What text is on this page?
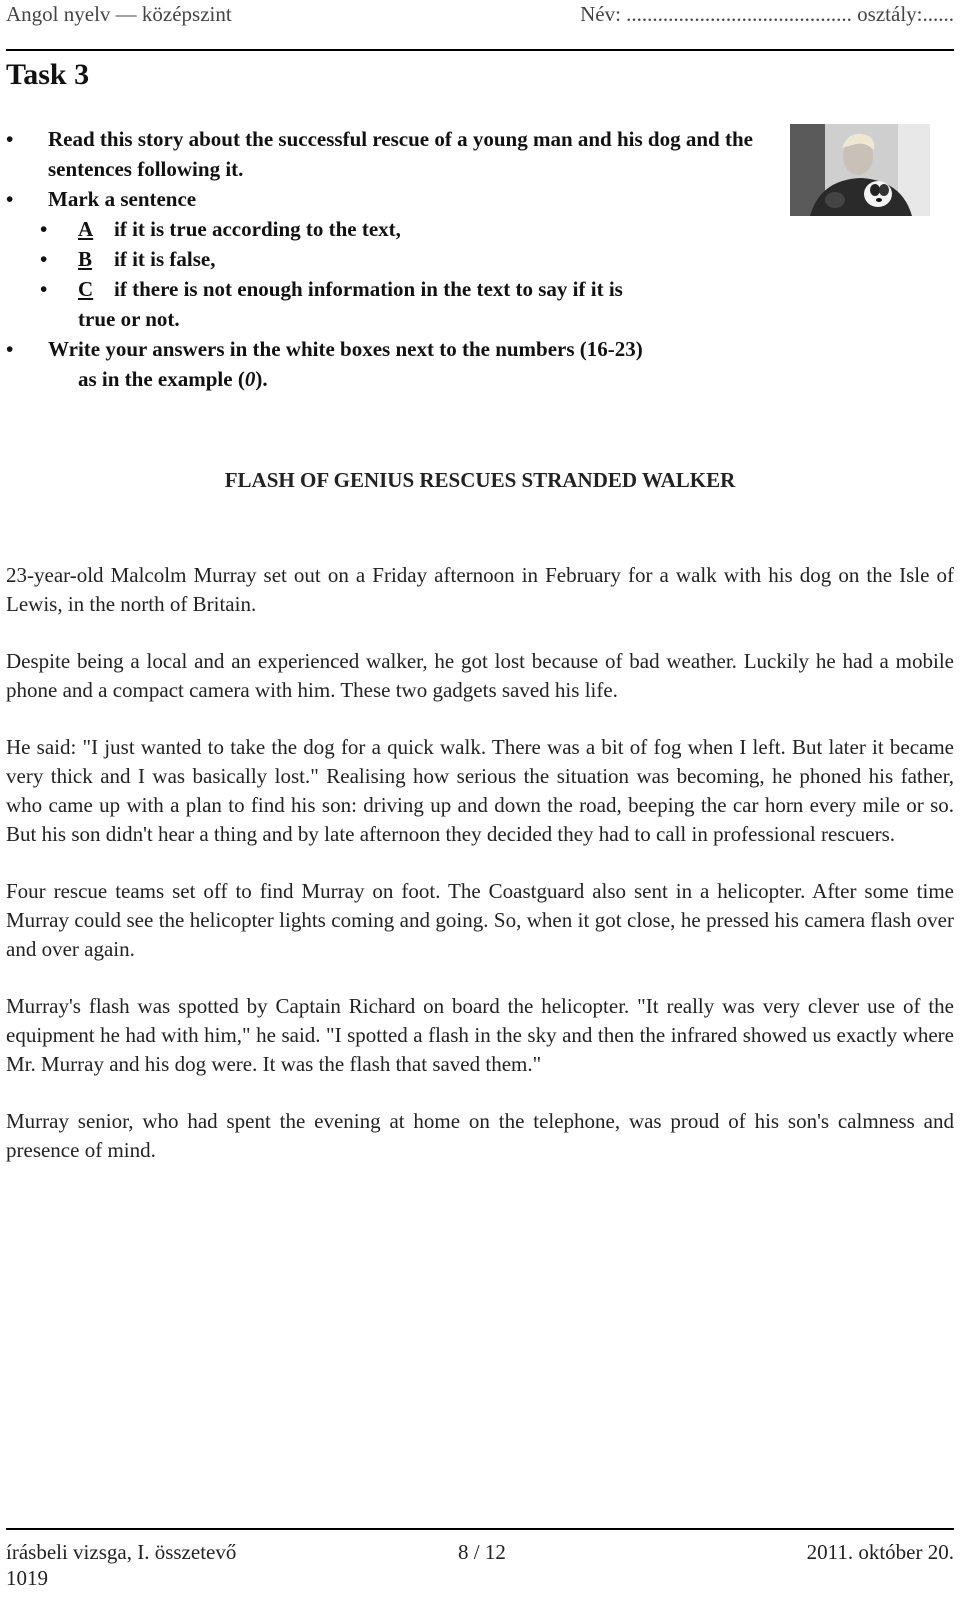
Angol nyelv — középszint	Név: ........................................... osztály:......
Task 3
• Read this story about the successful rescue of a young man and his dog and the sentences following it.
• Mark a sentence
• A if it is true according to the text,
• B if it is false,
• C if there is not enough information in the text to say if it is
true or not.
• Write your answers in the white boxes next to the numbers (16-23)
as in the example (0).
FLASH OF GENIUS RESCUES STRANDED WALKER

23-year-old Malcolm Murray set out on a Friday afternoon in February for a walk with his dog on the Isle of Lewis, in the north of Britain.

Despite being a local and an experienced walker, he got lost because of bad weather. Luckily he had a mobile phone and a compact camera with him. These two gadgets saved his life.

He said: "I just wanted to take the dog for a quick walk. There was a bit of fog when I left. But later it became very thick and I was basically lost." Realising how serious the situation was becoming, he phoned his father, who came up with a plan to find his son: driving up and down the road, beeping the car horn every mile or so. But his son didn't hear a thing and by late afternoon they decided they had to call in professional rescuers.

Four rescue teams set off to find Murray on foot. The Coastguard also sent in a helicopter. After some time Murray could see the helicopter lights coming and going. So, when it got close, he pressed his camera flash over and over again.

Murray's flash was spotted by Captain Richard on board the helicopter. "It really was very clever use of the equipment he had with him," he said. "I spotted a flash in the sky and then the infrared showed us exactly where Mr. Murray and his dog were. It was the flash that saved them."

Murray senior, who had spent the evening at home on the telephone, was proud of his son's calmness and presence of mind.

írásbeli vizsga, I. összetevő	8 / 12	2011. október 20.
1019
